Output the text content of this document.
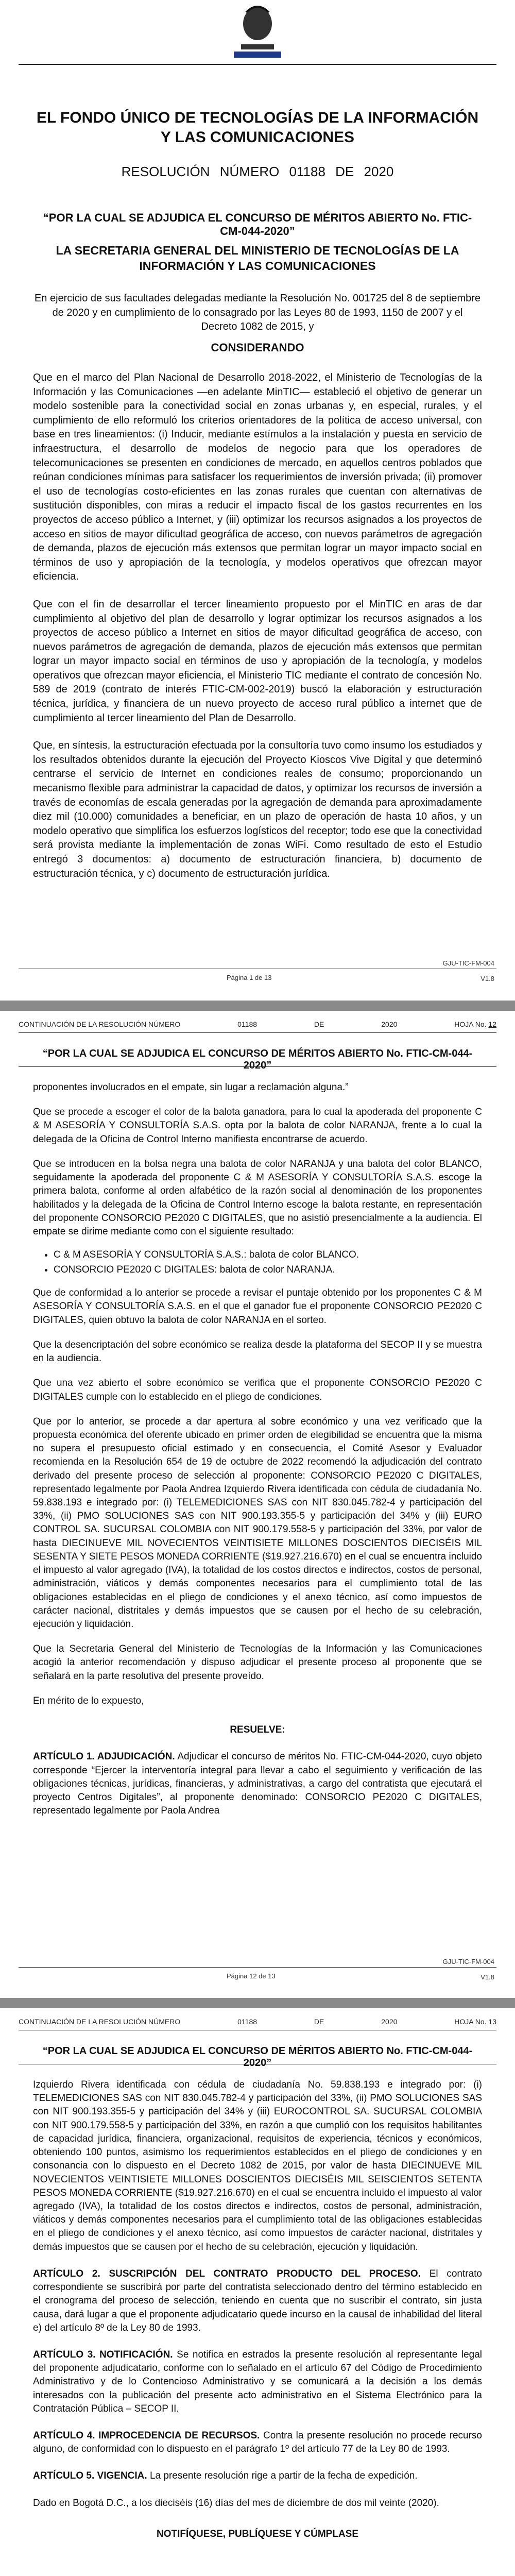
EL FONDO ÚNICO DE TECNOLOGÍAS DE LA INFORMACIÓN Y LAS COMUNICACIONES
RESOLUCIÓN NÚMERO 01188 DE 2020
“POR LA CUAL SE ADJUDICA EL CONCURSO DE MÉRITOS ABIERTO No. FTIC-CM-044-2020”
LA SECRETARIA GENERAL DEL MINISTERIO DE TECNOLOGÍAS DE LA INFORMACIÓN Y LAS COMUNICACIONES

En ejercicio de sus facultades delegadas mediante la Resolución No. 001725 del 8 de septiembre de 2020 y en cumplimiento de lo consagrado por las Leyes 80 de 1993, 1150 de 2007 y el Decreto 1082 de 2015, y

CONSIDERANDO

Que en el marco del Plan Nacional de Desarrollo 2018-2022, el Ministerio de Tecnologías de la Información y las Comunicaciones —en adelante MinTIC— estableció el objetivo de generar un modelo sostenible para la conectividad social en zonas urbanas y, en especial, rurales, y el cumplimiento de ello reformuló los criterios orientadores de la política de acceso universal, con base en tres lineamientos: (i) Inducir, mediante estímulos a la instalación y puesta en servicio de infraestructura, el desarrollo de modelos de negocio para que los operadores de telecomunicaciones se presenten en condiciones de mercado, en aquellos centros poblados que reúnan condiciones mínimas para satisfacer los requerimientos de inversión privada; (ii) promover el uso de tecnologías costo-eficientes en las zonas rurales que cuentan con alternativas de sustitución disponibles, con miras a reducir el impacto fiscal de los gastos recurrentes en los proyectos de acceso público a Internet, y (iii) optimizar los recursos asignados a los proyectos de acceso en sitios de mayor dificultad geográfica de acceso, con nuevos parámetros de agregación de demanda, plazos de ejecución más extensos que permitan lograr un mayor impacto social en términos de uso y apropiación de la tecnología, y modelos operativos que ofrezcan mayor eficiencia.

Que con el fin de desarrollar el tercer lineamiento propuesto por el MinTIC en aras de dar cumplimiento al objetivo del plan de desarrollo y lograr optimizar los recursos asignados a los proyectos de acceso público a Internet en sitios de mayor dificultad geográfica de acceso, con nuevos parámetros de agregación de demanda, plazos de ejecución más extensos que permitan lograr un mayor impacto social en términos de uso y apropiación de la tecnología, y modelos operativos que ofrezcan mayor eficiencia, el Ministerio TIC mediante el contrato de concesión No. 589 de 2019 (contrato de interés FTIC-CM-002-2019) buscó la elaboración y estructuración técnica, jurídica, y financiera de un nuevo proyecto de acceso rural público a internet que de cumplimiento al tercer lineamiento del Plan de Desarrollo.

Que, en síntesis, la estructuración efectuada por la consultoría tuvo como insumo los estudiados y los resultados obtenidos durante la ejecución del Proyecto Kioscos Vive Digital y que determinó centrarse el servicio de Internet en condiciones reales de consumo; proporcionando un mecanismo flexible para administrar la capacidad de datos, y optimizar los recursos de inversión a través de economías de escala generadas por la agregación de demanda para aproximadamente diez mil (10.000) comunidades a beneficiar, en un plazo de operación de hasta 10 años, y un modelo operativo que simplifica los esfuerzos logísticos del receptor; todo ese que la conectividad será provista mediante la implementación de zonas WiFi. Como resultado de esto el Estudio entregó 3 documentos: a) documento de estructuración financiera, b) documento de estructuración técnica, y c) documento de estructuración jurídica.

Página 1 de 13
GJU-TIC-FM-004
V1.8
CONTINUACIÓN DE LA RESOLUCIÓN NÚMERO	01188	DE	2020	HOJA No. 12
“POR LA CUAL SE ADJUDICA EL CONCURSO DE MÉRITOS ABIERTO No. FTIC-CM-044-2020”

proponentes involucrados en el empate, sin lugar a reclamación alguna.”

Que se procede a escoger el color de la balota ganadora, para lo cual la apoderada del proponente C & M ASESORÍA Y CONSULTORÍA S.A.S. opta por la balota de color NARANJA, frente a lo cual la delegada de la Oficina de Control Interno manifiesta encontrarse de acuerdo.

Que se introducen en la bolsa negra una balota de color NARANJA y una balota del color BLANCO, seguidamente la apoderada del proponente C & M ASESORÍA Y CONSULTORÍA S.A.S. escoge la primera balota, conforme al orden alfabético de la razón social al denominación de los proponentes habilitados y la delegada de la Oficina de Control Interno escoge la balota restante, en representación del proponente CONSORCIO PE2020 C DIGITALES, que no asistió presencialmente a la audiencia. El empate se dirime mediante como con el siguiente resultado:

• C & M ASESORÍA Y CONSULTORÍA S.A.S.: balota de color BLANCO.
• CONSORCIO PE2020 C DIGITALES: balota de color NARANJA.

Que de conformidad a lo anterior se procede a revisar el puntaje obtenido por los proponentes C & M ASESORÍA Y CONSULTORÍA S.A.S. en el que el ganador fue el proponente CONSORCIO PE2020 C DIGITALES, quien obtuvo la balota de color NARANJA en el sorteo.

Que la desencriptación del sobre económico se realiza desde la plataforma del SECOP II y se muestra en la audiencia.

Que una vez abierto el sobre económico se verifica que el proponente CONSORCIO PE2020 C DIGITALES cumple con lo establecido en el pliego de condiciones.

Que por lo anterior, se procede a dar apertura al sobre económico y una vez verificado que la propuesta económica del oferente ubicado en primer orden de elegibilidad se encuentra que la misma no supera el presupuesto oficial estimado y en consecuencia, el Comité Asesor y Evaluador recomienda en la Resolución 654 de 19 de octubre de 2022 recomendó la adjudicación del contrato derivado del presente proceso de selección al proponente: CONSORCIO PE2020 C DIGITALES, representado legalmente por Paola Andrea Izquierdo Rivera identificada con cédula de ciudadanía No. 59.838.193 e integrado por: (i) TELEMEDICIONES SAS con NIT 830.045.782-4 y participación del 33%, (ii) PMO SOLUCIONES SAS con NIT 900.193.355-5 y participación del 34% y (iii) EURO CONTROL SA. SUCURSAL COLOMBIA con NIT 900.179.558-5 y participación del 33%, por valor de hasta DIECINUEVE MIL NOVECIENTOS VEINTISIETE MILLONES DOSCIENTOS DIECISÉIS MIL SESENTA Y SIETE PESOS MONEDA CORRIENTE ($19.927.216.670) en el cual se encuentra incluido el impuesto al valor agregado (IVA), la totalidad de los costos directos e indirectos, costos de personal, administración, viáticos y demás componentes necesarios para el cumplimiento total de las obligaciones establecidas en el pliego de condiciones y el anexo técnico, así como impuestos de carácter nacional, distritales y demás impuestos que se causen por el hecho de su celebración, ejecución y liquidación.

Que la Secretaria General del Ministerio de Tecnologías de la Información y las Comunicaciones acogió la anterior recomendación y dispuso adjudicar el presente proceso al proponente que se señalará en la parte resolutiva del presente proveído.

En mérito de lo expuesto,

RESUELVE:

ARTÍCULO 1. ADJUDICACIÓN. Adjudicar el concurso de méritos No. FTIC-CM-044-2020, cuyo objeto corresponde “Ejercer la interventoría integral para llevar a cabo el seguimiento y verificación de las obligaciones técnicas, jurídicas, financieras, y administrativas, a cargo del contratista que ejecutará el proyecto Centros Digitales”, al proponente denominado: CONSORCIO PE2020 C DIGITALES, representado legalmente por Paola Andrea

Página 12 de 13
GJU-TIC-FM-004
V1.8
CONTINUACIÓN DE LA RESOLUCIÓN NÚMERO	01188	DE	2020	HOJA No. 13
“POR LA CUAL SE ADJUDICA EL CONCURSO DE MÉRITOS ABIERTO No. FTIC-CM-044-2020”

Izquierdo Rivera identificada con cédula de ciudadanía No. 59.838.193 e integrado por: (i) TELEMEDICIONES SAS con NIT 830.045.782-4 y participación del 33%, (ii) PMO SOLUCIONES SAS con NIT 900.193.355-5 y participación del 34% y (iii) EUROCONTROL SA. SUCURSAL COLOMBIA con NIT 900.179.558-5 y participación del 33%, en razón a que cumplió con los requisitos habilitantes de capacidad jurídica, financiera, organizacional, requisitos de experiencia, técnicos y económicos, obteniendo 100 puntos, asimismo los requerimientos establecidos en el pliego de condiciones y en consonancia con lo dispuesto en el Decreto 1082 de 2015, por valor de hasta DIECINUEVE MIL NOVECIENTOS VEINTISIETE MILLONES DOSCIENTOS DIECISÉIS MIL SEISCIENTOS SETENTA PESOS MONEDA CORRIENTE ($19.927.216.670) en el cual se encuentra incluido el impuesto al valor agregado (IVA), la totalidad de los costos directos e indirectos, costos de personal, administración, viáticos y demás componentes necesarios para el cumplimiento total de las obligaciones establecidas en el pliego de condiciones y el anexo técnico, así como impuestos de carácter nacional, distritales y demás impuestos que se causen por el hecho de su celebración, ejecución y liquidación.

ARTÍCULO 2. SUSCRIPCIÓN DEL CONTRATO PRODUCTO DEL PROCESO. El contrato correspondiente se suscribirá por parte del contratista seleccionado dentro del término establecido en el cronograma del proceso de selección, teniendo en cuenta que no suscribir el contrato, sin justa causa, dará lugar a que el proponente adjudicatario quede incurso en la causal de inhabilidad del literal e) del artículo 8º de la Ley 80 de 1993.

ARTÍCULO 3. NOTIFICACIÓN. Se notifica en estrados la presente resolución al representante legal del proponente adjudicatario, conforme con lo señalado en el artículo 67 del Código de Procedimiento Administrativo y de lo Contencioso Administrativo y se comunicará a la decisión a los demás interesados con la publicación del presente acto administrativo en el Sistema Electrónico para la Contratación Pública – SECOP II.

ARTÍCULO 4. IMPROCEDENCIA DE RECURSOS. Contra la presente resolución no procede recurso alguno, de conformidad con lo dispuesto en el parágrafo 1º del artículo 77 de la Ley 80 de 1993.

ARTÍCULO 5. VIGENCIA. La presente resolución rige a partir de la fecha de expedición.

Dado en Bogotá D.C., a los dieciséis (16) días del mes de diciembre de dos mil veinte (2020).

NOTIFÍQUESE, PUBLÍQUESE Y CÚMPLASE
